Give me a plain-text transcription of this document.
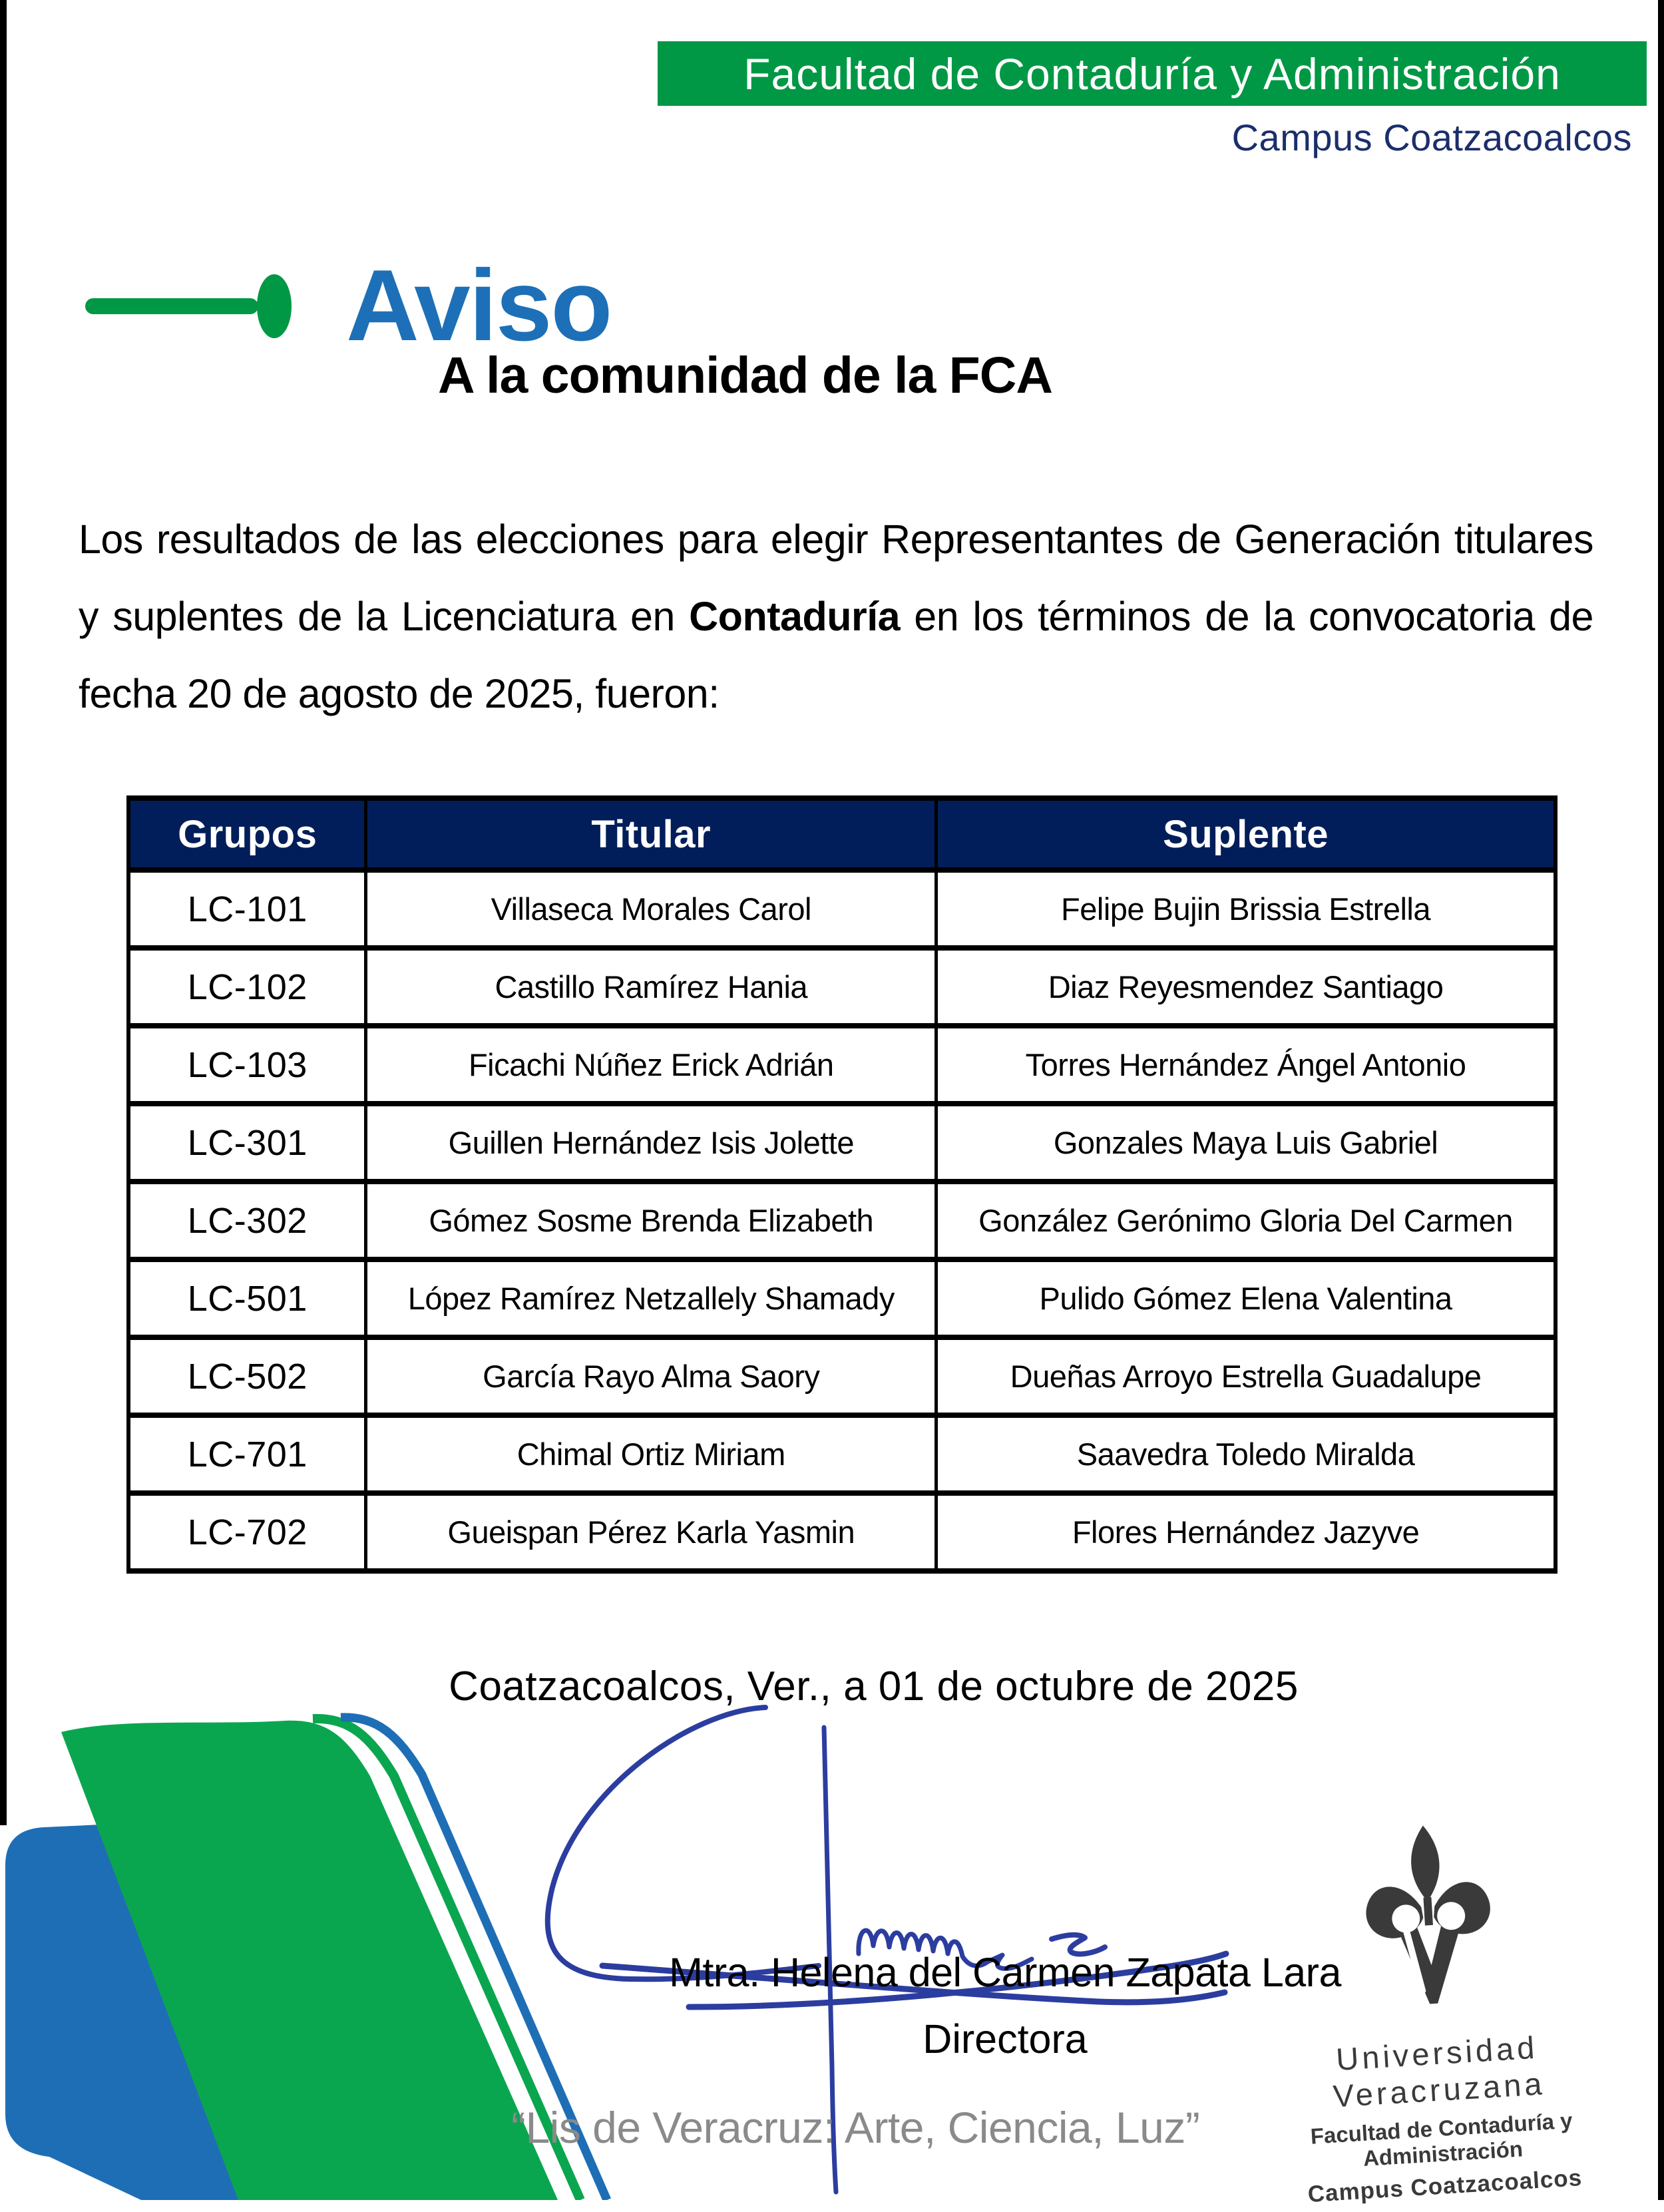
Facultad de Contaduría y Administración
Campus Coatzacoalcos
Aviso
A la comunidad de la FCA
Los resultados de las elecciones para elegir Representantes de Generación titulares y suplentes de la Licenciatura en Contaduría en los términos de la convocatoria de fecha 20 de agosto de 2025, fueron:
Grupos	Titular	Suplente
LC-101	Villaseca Morales Carol	Felipe Bujin Brissia Estrella
LC-102	Castillo Ramírez Hania	Diaz Reyesmendez Santiago
LC-103	Ficachi Núñez Erick Adrián	Torres Hernández Ángel Antonio
LC-301	Guillen Hernández Isis Jolette	Gonzales Maya Luis Gabriel
LC-302	Gómez Sosme Brenda Elizabeth	González Gerónimo Gloria Del Carmen
LC-501	López Ramírez Netzallely Shamady	Pulido Gómez Elena Valentina
LC-502	García Rayo Alma Saory	Dueñas Arroyo Estrella Guadalupe
LC-701	Chimal Ortiz Miriam	Saavedra Toledo Miralda
LC-702	Gueispan Pérez Karla Yasmin	Flores Hernández Jazyve
Coatzacoalcos, Ver., a 01 de octubre de 2025
Mtra. Helena del Carmen Zapata Lara
Directora	Universidad Veracruzana
Facultad de Contaduría y Administración
Campus Coatzacoalcos
“Lis de Veracruz: Arte, Ciencia, Luz”
